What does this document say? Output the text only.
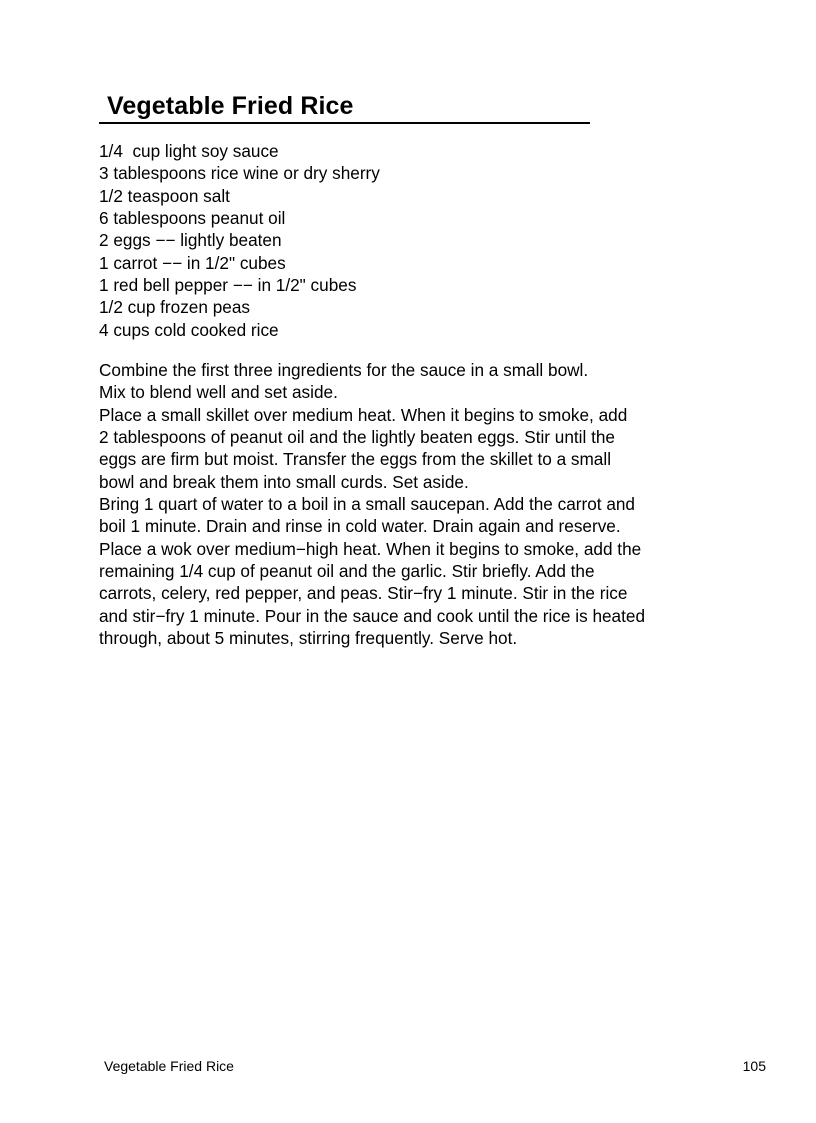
Vegetable Fried Rice
1/4  cup light soy sauce
3 tablespoons rice wine or dry sherry
1/2 teaspoon salt
6 tablespoons peanut oil
2 eggs −− lightly beaten
1 carrot −− in 1/2" cubes
1 red bell pepper −− in 1/2" cubes
1/2 cup frozen peas
4 cups cold cooked rice
Combine the first three ingredients for the sauce in a small bowl.
Mix to blend well and set aside.
Place a small skillet over medium heat. When it begins to smoke, add
2 tablespoons of peanut oil and the lightly beaten eggs. Stir until the
eggs are firm but moist. Transfer the eggs from the skillet to a small
bowl and break them into small curds. Set aside.
Bring 1 quart of water to a boil in a small saucepan. Add the carrot and
boil 1 minute. Drain and rinse in cold water. Drain again and reserve.
Place a wok over medium−high heat. When it begins to smoke, add the
remaining 1/4 cup of peanut oil and the garlic. Stir briefly. Add the
carrots, celery, red pepper, and peas. Stir−fry 1 minute. Stir in the rice
and stir−fry 1 minute. Pour in the sauce and cook until the rice is heated
through, about 5 minutes, stirring frequently. Serve hot.
Vegetable Fried Rice	105
